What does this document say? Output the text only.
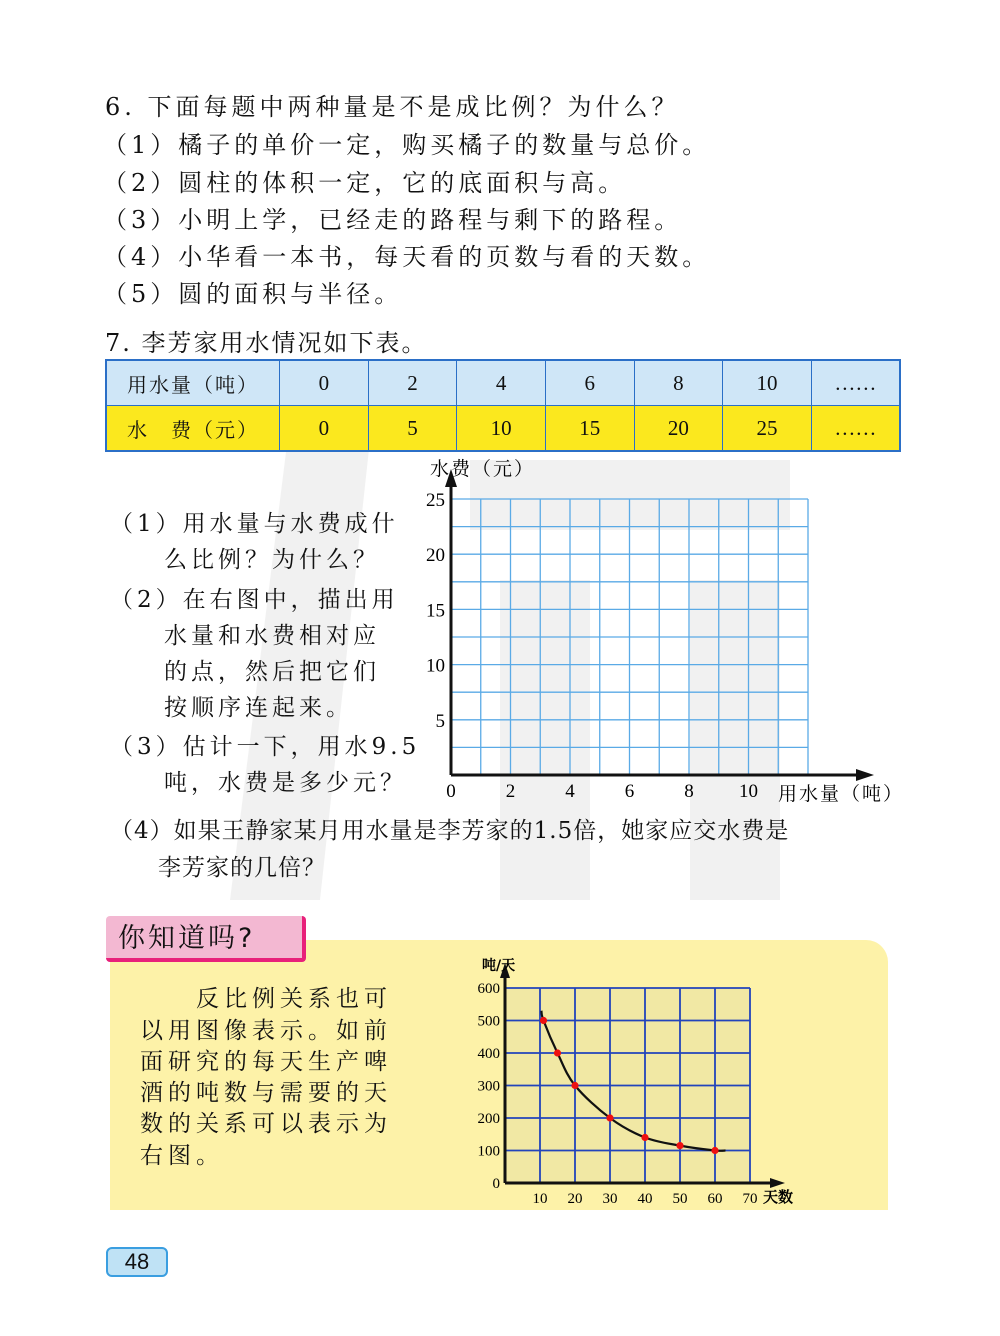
6. 下面每题中两种量是不是成比例？为什么？
（1）橘子的单价一定，购买橘子的数量与总价。
（2）圆柱的体积一定，它的底面积与高。
（3）小明上学，已经走的路程与剩下的路程。
（4）小华看一本书，每天看的页数与看的天数。
（5）圆的面积与半径。
7. 李芳家用水情况如下表。
用水量（吨）	0	2	4	6	8	10	……
水　费（元）	0	5	10	15	20	25	……
（1）用水量与水费成什
　　么比例？为什么？
（2）在右图中，描出用
　　水量和水费相对应
　　的点，然后把它们
　　按顺序连起来。
（3）估计一下，用水9.5
　　吨，水费是多少元？ 0	2	4	6	8 10
5
10
15
20
25
水费（元）
用水量（吨）
（4）如果王静家某月用水量是李芳家的1.5倍，她家应交水费是
　　李芳家的几倍？
你知道吗?
　　反比例关系也可
以用图像表示。如前
面研究的每天生产啤
酒的吨数与需要的天
数的关系可以表示为
右图。
10 20 30 40 50 60 70
0
100
200
300
400
500
600
吨/天
天数
48
